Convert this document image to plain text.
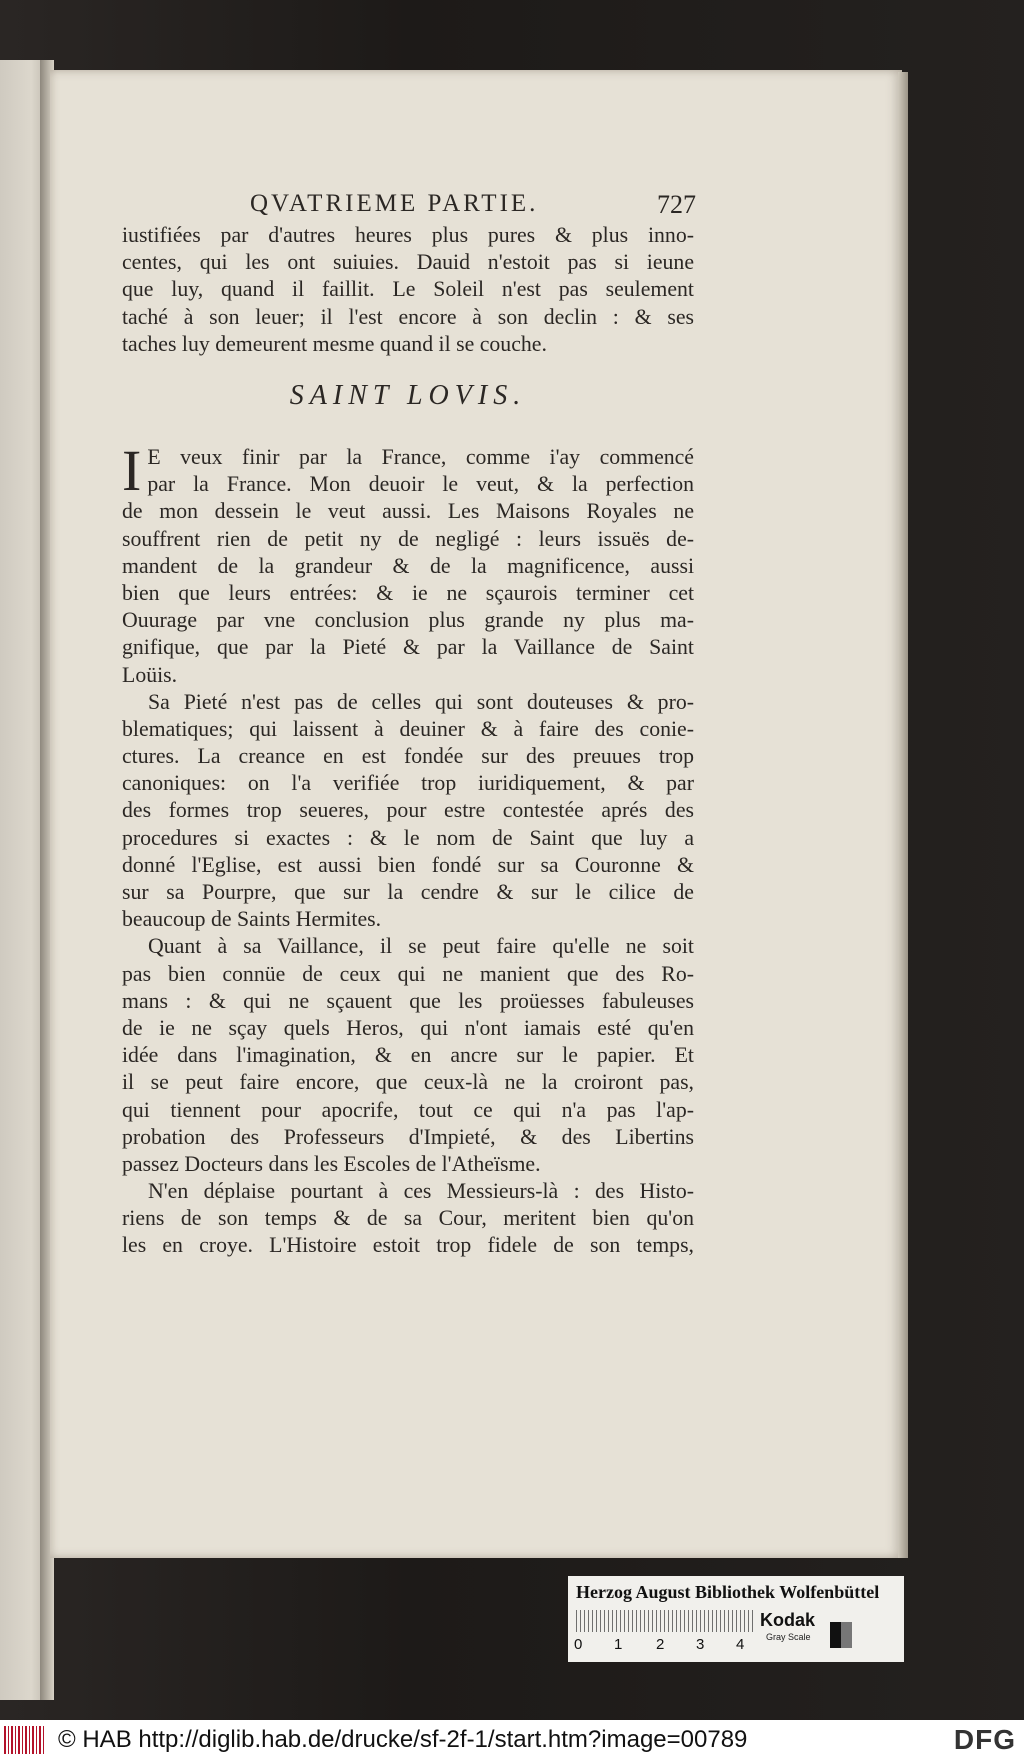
QVATRIEME PARTIE.	727
iustifiées par d'autres heures plus pures & plus inno-
centes, qui les ont suiuies. Dauid n'estoit pas si ieune
que luy, quand il faillit. Le Soleil n'est pas seulement
taché à son leuer; il l'est encore à son declin : & ses
taches luy demeurent mesme quand il se couche.
SAINT LOVIS.
I E veux finir par la France, comme i'ay commencé
par la France. Mon deuoir le veut, & la perfection
de mon dessein le veut aussi. Les Maisons Royales ne
souffrent rien de petit ny de negligé : leurs issuës de-
mandent de la grandeur & de la magnificence, aussi
bien que leurs entrées: & ie ne sçaurois terminer cet
Ouurage par vne conclusion plus grande ny plus ma-
gnifique, que par la Pieté & par la Vaillance de Saint
Loüis.
Sa Pieté n'est pas de celles qui sont douteuses & pro-
blematiques; qui laissent à deuiner & à faire des conie-
ctures. La creance en est fondée sur des preuues trop
canoniques: on l'a verifiée trop iuridiquement, & par
des formes trop seueres, pour estre contestée aprés des
procedures si exactes : & le nom de Saint que luy a
donné l'Eglise, est aussi bien fondé sur sa Couronne &
sur sa Pourpre, que sur la cendre & sur le cilice de
beaucoup de Saints Hermites.
Quant à sa Vaillance, il se peut faire qu'elle ne soit
pas bien connüe de ceux qui ne manient que des Ro-
mans : & qui ne sçauent que les proüesses fabuleuses
de ie ne sçay quels Heros, qui n'ont iamais esté qu'en
idée dans l'imagination, & en ancre sur le papier. Et
il se peut faire encore, que ceux-là ne la croiront pas,
qui tiennent pour apocrife, tout ce qui n'a pas l'ap-
probation des Professeurs d'Impieté, & des Libertins
passez Docteurs dans les Escoles de l'Atheïsme.
N'en déplaise pourtant à ces Messieurs-là : des Histo-
riens de son temps & de sa Cour, meritent bien qu'on
les en croye. L'Histoire estoit trop fidele de son temps,
Herzog August Bibliothek Wolfenbüttel
0 1 2 3 4
Kodak
Gray Scale
© HAB http://diglib.hab.de/drucke/sf-2f-1/start.htm?image=00789	DFG
